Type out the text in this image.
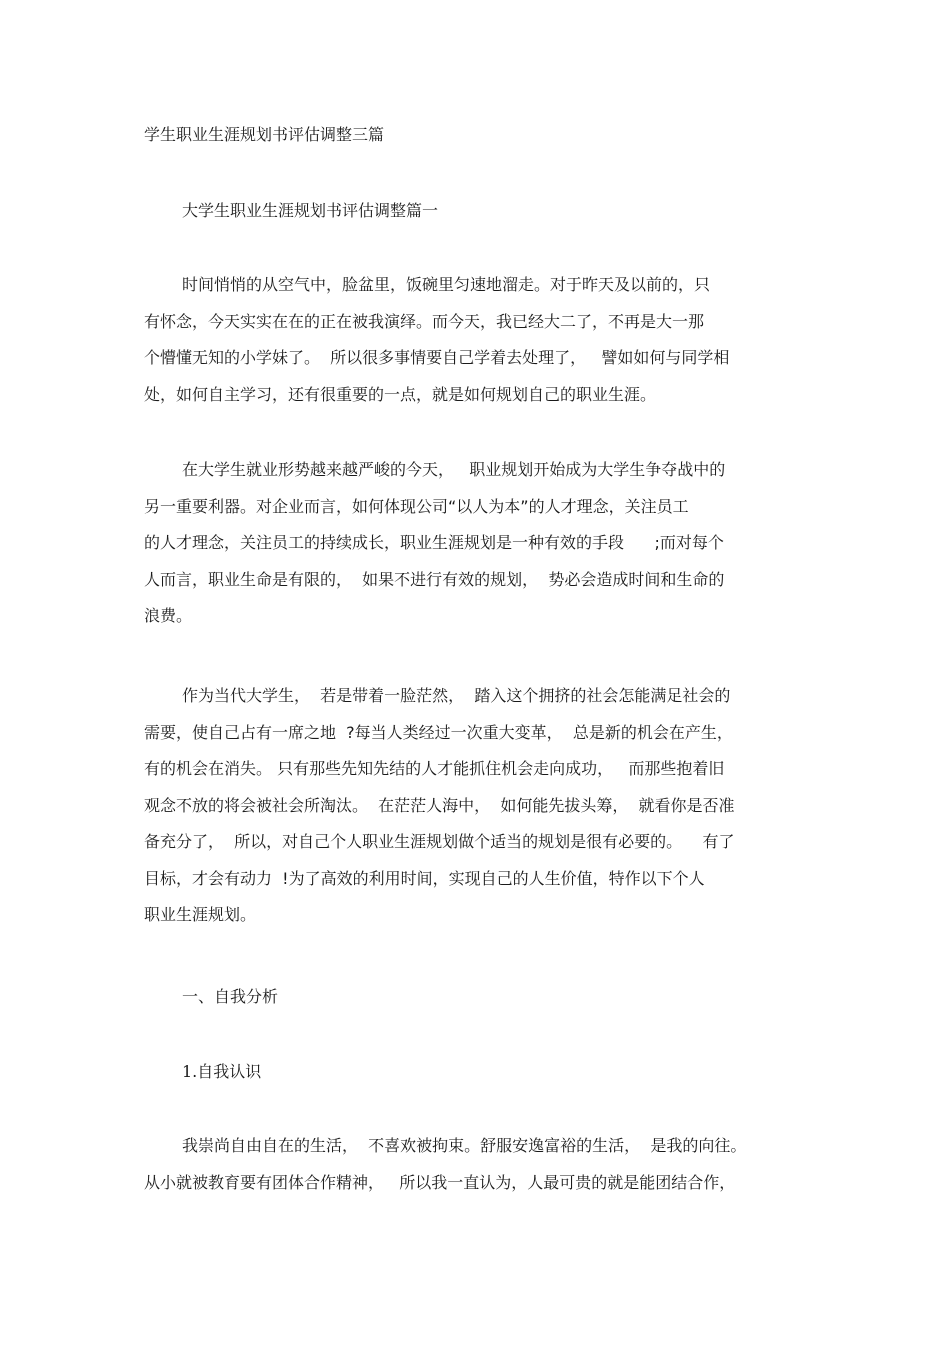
学生职业生涯规划书评估调整三篇
大学生职业生涯规划书评估调整篇一
时间悄悄的从空气中，脸盆里，饭碗里匀速地溜走。对于昨天及以前的，只
有怀念，今天实实在在的正在被我演绎。而今天，我已经大二了，不再是大一那
个懵懂无知的小学妹了。  所以很多事情要自己学着去处理了，   譬如如何与同学相
处，如何自主学习，还有很重要的一点，就是如何规划自己的职业生涯。
在大学生就业形势越来越严峻的今天，   职业规划开始成为大学生争夺战中的
另一重要利器。对企业而言，如何体现公司“以人为本”的人才理念，关注员工
的人才理念，关注员工的持续成长，职业生涯规划是一种有效的手段      ;而对每个
人而言，职业生命是有限的，  如果不进行有效的规划，  势必会造成时间和生命的
浪费。
作为当代大学生，  若是带着一脸茫然，  踏入这个拥挤的社会怎能满足社会的
需要，使自己占有一席之地  ?每当人类经过一次重大变革，  总是新的机会在产生，
有的机会在消失。 只有那些先知先结的人才能抓住机会走向成功，   而那些抱着旧
观念不放的将会被社会所淘汰。  在茫茫人海中，  如何能先拔头筹，  就看你是否准
备充分了，  所以，对自己个人职业生涯规划做个适当的规划是很有必要的。    有了
目标，才会有动力  !为了高效的利用时间，实现自己的人生价值，特作以下个人
职业生涯规划。
一、自我分析
1.自我认识
我崇尚自由自在的生活，  不喜欢被拘束。舒服安逸富裕的生活，  是我的向往。
从小就被教育要有团体合作精神，   所以我一直认为，人最可贵的就是能团结合作，
